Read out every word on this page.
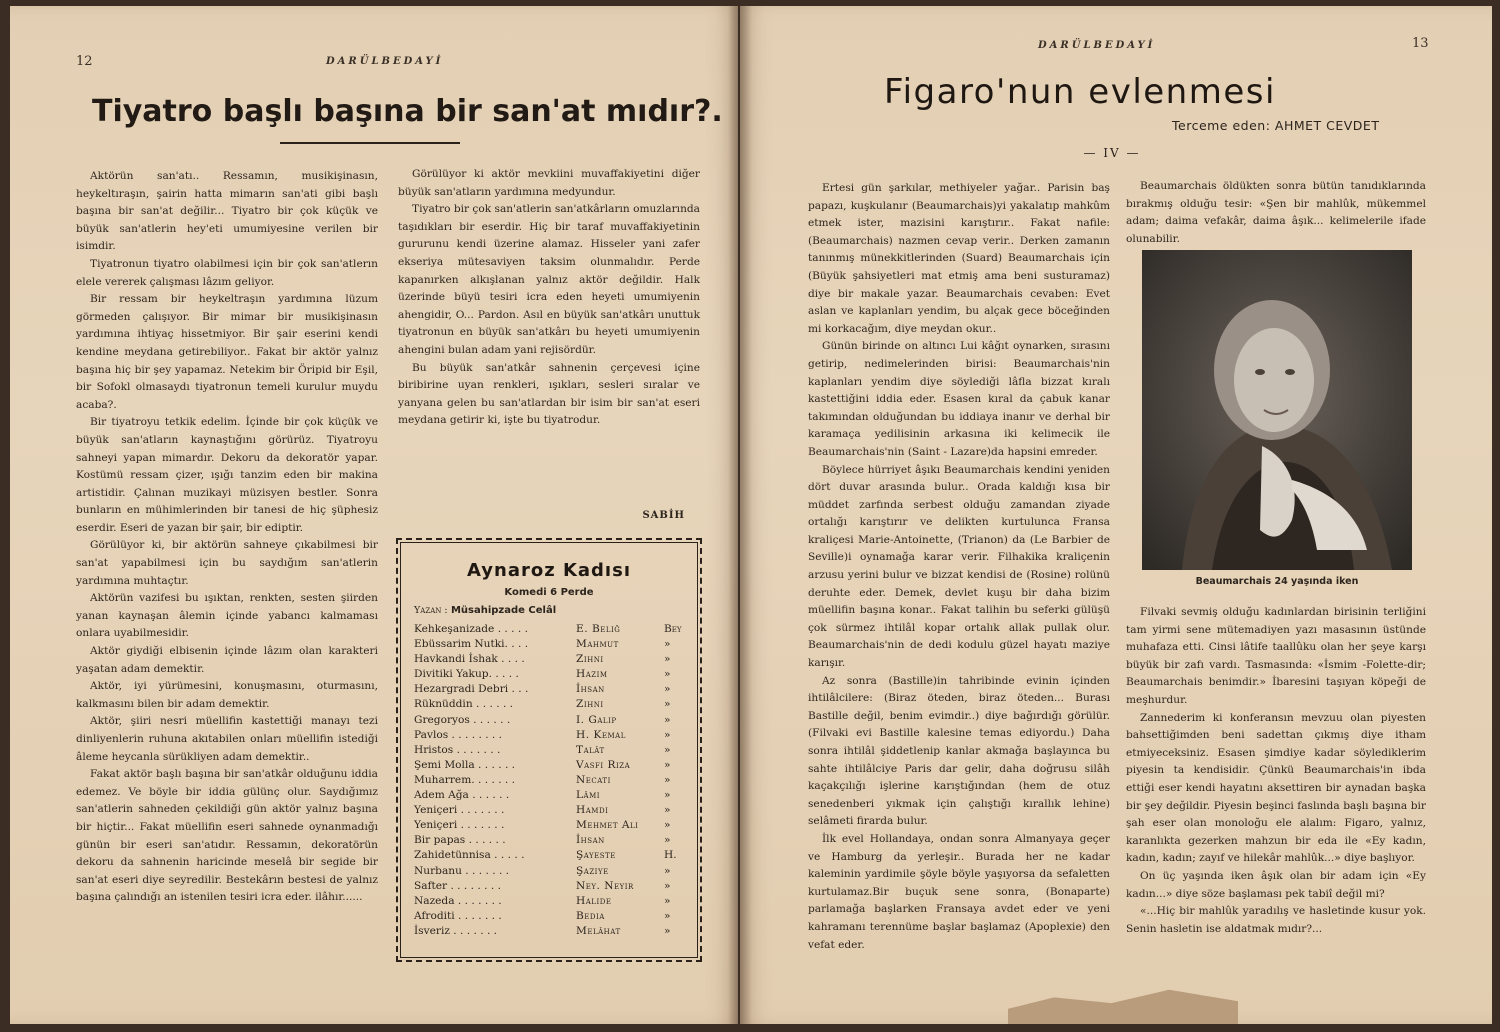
12	DARÜLBEDAYİ
Tiyatro başlı başına bir san'at mıdır?.

Aktörün san'atı.. Ressamın, musikişinasın, heykeltıraşın, şairin hatta mimarın san'ati gibi başlı başına bir san'at değilir... Tiyatro bir çok küçük ve büyük san'atlerin hey'eti umumiyesine verilen bir isimdir.

Tiyatronun tiyatro olabilmesi için bir çok san'atlerın elele vererek çalışması lâzım geliyor.

Bir ressam bir heykeltraşın yardımına lüzum görmeden çalışıyor. Bir mimar bir musikişinasın yardımına ihtiyaç hissetmiyor. Bir şair eserini kendi kendine meydana getirebiliyor.. Fakat bir aktör yalnız başına hiç bir şey yapamaz. Netekim bir Öripid bir Eşil, bir Sofokl olmasaydı tiyatronun temeli kurulur muydu acaba?.

Bir tiyatroyu tetkik edelim. İçinde bir çok küçük ve büyük san'atların kaynaştığını görürüz. Tiyatroyu sahneyi yapan mimardır. Dekoru da dekoratör yapar. Kostümü ressam çizer, ışığı tanzim eden bir makina artistidir. Çalınan muzikayi müzisyen bestler. Sonra bunların en mühimlerinden bir tanesi de hiç şüphesiz eserdir. Eseri de yazan bir şair, bir ediptir.

Görülüyor ki, bir aktörün sahneye çıkabilmesi bir san'at yapabilmesi için bu saydığım san'atlerin yardımına muhtaçtır.

Aktörün vazifesi bu ışıktan, renkten, sesten şiirden yanan kaynaşan âlemin içinde yabancı kalmaması onlara uyabilmesidir.

Aktör giydiği elbisenin içinde lâzım olan karakteri yaşatan adam demektir.

Aktör, iyi yürümesini, konuşmasını, oturmasını, kalkmasını bilen bir adam demektir.

Aktör, şiiri nesri müellifin kastettiği manayı tezi dinliyenlerin ruhuna akıtabilen onları müellifin istediği âleme heycanla sürükliyen adam demektir..

Fakat aktör başlı başına bir san'atkâr olduğunu iddia edemez. Ve böyle bir iddia gülünç olur. Saydığımız san'atlerin sahneden çekildiği gün aktör yalnız başına bir hiçtir... Fakat müellifin eseri sahnede oynanmadığı günün bir eseri san'atıdır. Ressamın, dekoratörün dekoru da sahnenin haricinde meselâ bir segide bir san'at eseri diye seyredilir. Bestekârın bestesi de yalnız başına çalındığı an istenilen tesiri icra eder. ilâhır......

Görülüyor ki aktör mevkiini muvaffakiyetini diğer büyük san'atların yardımına medyundur.

Tiyatro bir çok san'atlerin san'atkârların omuzlarında taşıdıkları bir eserdir. Hiç bir taraf muvaffakiyetinin gururunu kendi üzerine alamaz. Hisseler yani zafer ekseriya mütesaviyen taksim olunmalıdır. Perde kapanırken alkışlanan yalnız aktör değildir. Halk üzerinde büyü tesiri icra eden heyeti umumiyenin ahengidir, O... Pardon. Asıl en büyük san'atkârı unuttuk tiyatronun en büyük san'atkârı bu heyeti umumiyenin ahengini bulan adam yani rejisördür.

Bu büyük san'atkâr sahnenin çerçevesi içine biribirine uyan renkleri, ışıkları, sesleri sıralar ve yanyana gelen bu san'atlardan bir isim bir san'at eseri meydana getirir ki, işte bu tiyatrodur.

SABİH
Aynaroz Kadısı
Komedi 6 Perde
Yazan : Müsahipzade Celâl
Kehkeşanizade . . . . .	E. Beliğ	Bey
Ebüssarim Nutki. . . .	Mahmut	»
Havkandi İshak . . . .	Zihni	»
Divitiki Yakup. . . . .	Hazım	»
Hezargradi Debri . . .	İhsan	»
Rüknüddin . . . . . .	Zihni	»
Gregoryos . . . . . .	I. Galip	»
Pavlos . . . . . . . .	H. Kemal	»
Hristos . . . . . . .	Talât	»
Şemi Molla . . . . . .	Vasfi Rıza	»
Muharrem. . . . . . .	Necati	»
Adem Ağa . . . . . .	Lâmi	»
Yeniçeri . . . . . . .	Hamdi	»
Yeniçeri . . . . . . .	Mehmet Ali »
Bir papas . . . . . .	İhsan	»
Zahidetünnisa . . . . .	Şayeste	H.
Nurbanu . . . . . . .	Şaziye	»
Safter . . . . . . . .	Ney. Neyir	»
Nazeda . . . . . . .	Halide	»
Afroditi . . . . . . .	Bedia	»
İsveriz . . . . . . .	Melâhat	»
DARÜLBEDAYİ	13
Figaro'nun evlenmesi
Terceme eden: AHMET CEVDET
— IV —

Ertesi gün şarkılar, methiyeler yağar.. Parisin baş papazı, kuşkulanır (Beaumarchais)yi yakalatıp mahkûm etmek ister, mazisini karıştırır.. Fakat nafile: (Beaumarchais) nazmen cevap verir.. Derken zamanın tanınmış münekkitlerinden (Suard) Beaumarchais için (Büyük şahsiyetleri mat etmiş ama beni susturamaz) diye bir makale yazar. Beaumarchais cevaben: Evet aslan ve kaplanları yendim, bu alçak gece böceğinden mi korkacağım, diye meydan okur..

Günün birinde on altıncı Lui kâğıt oynarken, sırasını getirip, nedimelerinden birisi: Beaumarchais'nin kaplanları yendim diye söylediği lâfla bizzat kıralı kastettiğini iddia eder. Esasen kıral da çabuk kanar takımından olduğundan bu iddiaya inanır ve derhal bir karamaça yedilisinin arkasına iki kelimecik ile Beaumarchais'nin (Saint - Lazare)da hapsini emreder.

Böylece hürriyet âşıkı Beaumarchais kendini yeniden dört duvar arasında bulur.. Orada kaldığı kısa bir müddet zarfında serbest olduğu zamandan ziyade ortalığı karıştırır ve delikten kurtulunca Fransa kraliçesi Marie-Antoinette, (Trianon) da (Le Barbier de Seville)i oynamağa karar verir. Filhakika kraliçenin arzusu yerini bulur ve bizzat kendisi de (Rosine) rolünü deruhte eder. Demek, devlet kuşu bir daha bizim müellifin başına konar.. Fakat talihin bu seferki gülüşü çok sürmez ihtilâl kopar ortalık allak pullak olur. Beaumarchais'nin de dedi kodulu güzel hayatı maziye karışır.

Az sonra (Bastille)in tahribinde evinin içinden ihtilâlcilere: (Biraz öteden, biraz öteden... Burası Bastille değil, benim evimdir..) diye bağırdığı görülür. (Filvaki evi Bastille kalesine temas ediyordu.) Daha sonra ihtilâl şiddetlenip kanlar akmağa başlayınca bu sahte ihtilâlciye Paris dar gelir, daha doğrusu silâh kaçakçılığı işlerine karıştığından (hem de otuz senedenberi yıkmak için çalıştığı kırallık lehine) selâmeti firarda bulur.

İlk evel Hollandaya, ondan sonra Almanyaya geçer ve Hamburg da yerleşir.. Burada her ne kadar kaleminin yardimile şöyle böyle yaşıyorsa da sefaletten kurtulamaz.Bir buçuk sene sonra, (Bonaparte) parlamağa başlarken Fransaya avdet eder ve yeni kahramanı terennüme başlar başlamaz (Apoplexie) den vefat eder.

Beaumarchais öldükten sonra bütün tanıdıklarında bırakmış olduğu tesir: «Şen bir mahlûk, mükemmel adam; daima vefakâr, daima âşık... kelimelerile ifade olunabilir.

Beaumarchais 24 yaşında iken

Filvaki sevmiş olduğu kadınlardan birisinin terliğini tam yirmi sene mütemadiyen yazı masasının üstünde muhafaza etti. Cinsi lâtife taallûku olan her şeye karşı büyük bir zafı vardı. Tasmasında: «İsmim -Folette-dir; Beaumarchais benimdir.» İbaresini taşıyan köpeği de meşhurdur.

Zannederim ki konferansın mevzuu olan piyesten bahsettiğimden beni sadettan çıkmış diye itham etmiyeceksiniz. Esasen şimdiye kadar söylediklerim piyesin ta kendisidir. Çünkü Beaumarchais'in ibda ettiği eser kendi hayatını aksettiren bir aynadan başka bir şey değildir. Piyesin beşinci faslında başlı başına bir şah eser olan monoloğu ele alalım: Figaro, yalnız, karanlıkta gezerken mahzun bir eda ile «Ey kadın, kadın, kadın; zayıf ve hilekâr mahlûk...» diye başlıyor.

On üç yaşında iken âşık olan bir adam için «Ey kadın...» diye söze başlaması pek tabiî değil mi?

«...Hiç bir mahlûk yaradılış ve hasletinde kusur yok. Senin hasletin ise aldatmak mıdır?...
